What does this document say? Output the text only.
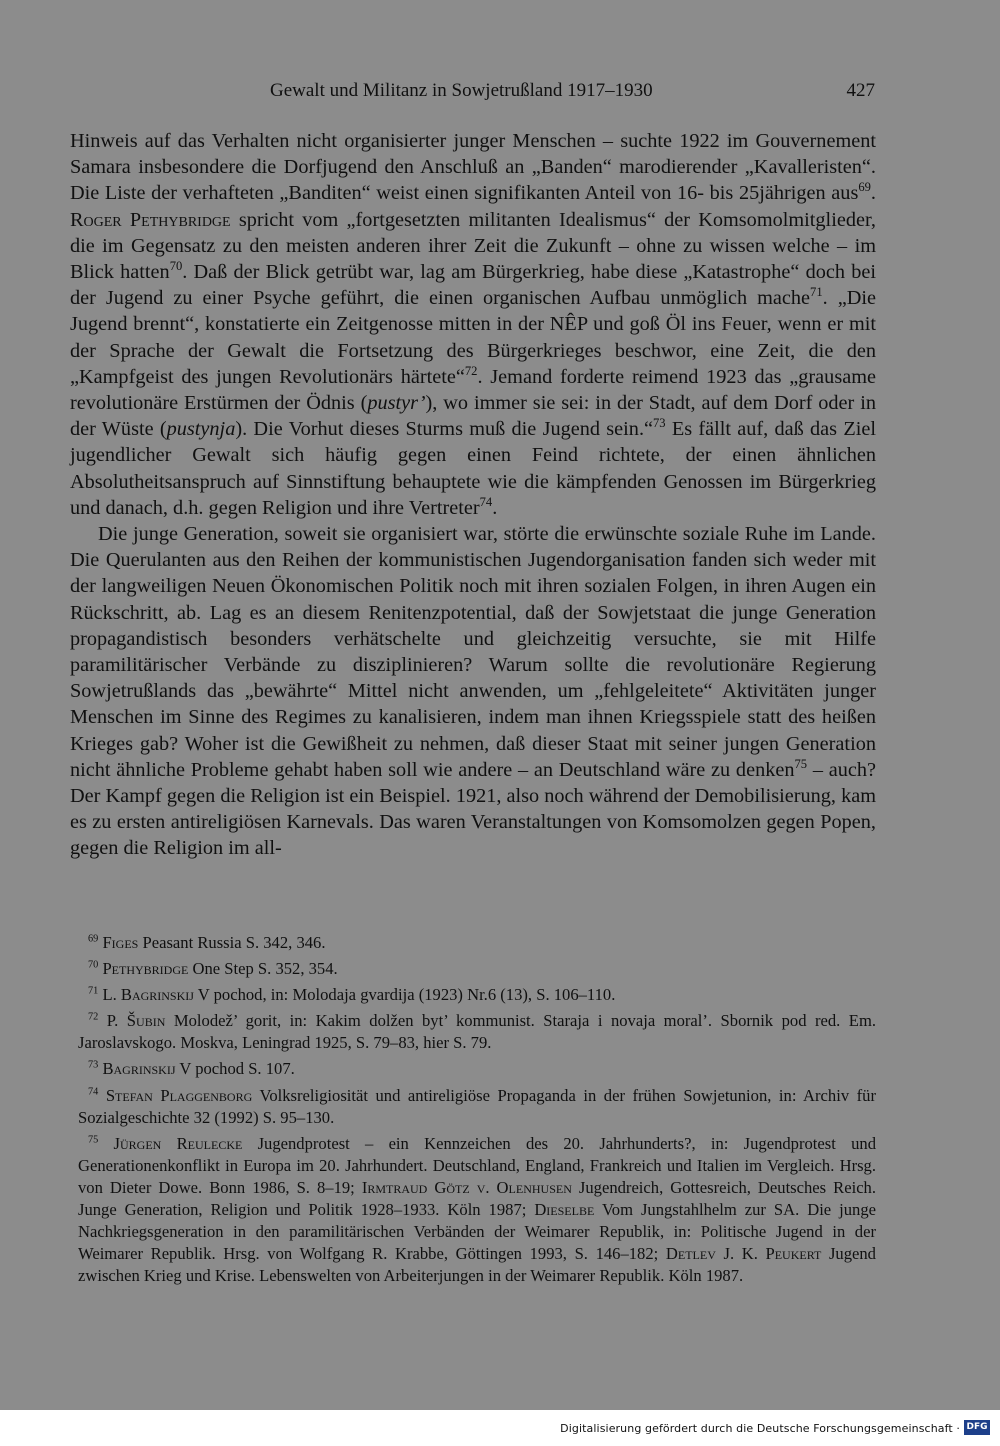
Gewalt und Militanz in Sowjetrußland 1917–1930	427

Hinweis auf das Verhalten nicht organisierter junger Menschen – suchte 1922 im Gouvernement Samara insbesondere die Dorfjugend den Anschluß an „Banden“ marodierender „Kavalleristen“. Die Liste der verhafteten „Banditen“ weist einen signifikanten Anteil von 16- bis 25jährigen aus$^{69}$. Roger Pethybridge spricht vom „fortgesetzten militanten Idealismus“ der Komsomolmitglieder, die im Gegensatz zu den meisten anderen ihrer Zeit die Zukunft – ohne zu wissen welche – im Blick hatten$^{70}$. Daß der Blick getrübt war, lag am Bürgerkrieg, habe diese „Katastrophe“ doch bei der Jugend zu einer Psyche geführt, die einen organischen Aufbau unmöglich mache$^{71}$. „Die Jugend brennt“, konstatierte ein Zeitgenosse mitten in der NÊP und goß Öl ins Feuer, wenn er mit der Sprache der Gewalt die Fortsetzung des Bürgerkrieges beschwor, eine Zeit, die den „Kampfgeist des jungen Revolutionärs härtete“$^{72}$. Jemand forderte reimend 1923 das „grausame revolutionäre Erstürmen der Ödnis (pustyr’), wo immer sie sei: in der Stadt, auf dem Dorf oder in der Wüste (pustynja). Die Vorhut dieses Sturms muß die Jugend sein.“$^{73}$ Es fällt auf, daß das Ziel jugendlicher Gewalt sich häufig gegen einen Feind richtete, der einen ähnlichen Absolutheitsanspruch auf Sinnstiftung behauptete wie die kämpfenden Genossen im Bürgerkrieg und danach, d.h. gegen Religion und ihre Vertreter$^{74}$.

Die junge Generation, soweit sie organisiert war, störte die erwünschte soziale Ruhe im Lande. Die Querulanten aus den Reihen der kommunistischen Jugendorganisation fanden sich weder mit der langweiligen Neuen Ökonomischen Politik noch mit ihren sozialen Folgen, in ihren Augen ein Rückschritt, ab. Lag es an diesem Renitenzpotential, daß der Sowjetstaat die junge Generation propagandistisch besonders verhätschelte und gleichzeitig versuchte, sie mit Hilfe paramilitärischer Verbände zu disziplinieren? Warum sollte die revolutionäre Regierung Sowjetrußlands das „bewährte“ Mittel nicht anwenden, um „fehlgeleitete“ Aktivitäten junger Menschen im Sinne des Regimes zu kanalisieren, indem man ihnen Kriegsspiele statt des heißen Krieges gab? Woher ist die Gewißheit zu nehmen, daß dieser Staat mit seiner jungen Generation nicht ähnliche Probleme gehabt haben soll wie andere – an Deutschland wäre zu denken$^{75}$ – auch? Der Kampf gegen die Religion ist ein Beispiel. 1921, also noch während der Demobilisierung, kam es zu ersten antireligiösen Karnevals. Das waren Veranstaltungen von Komsomolzen gegen Popen, gegen die Religion im all-

$^{69}$ Figes Peasant Russia S. 342, 346.

$^{70}$ Pethybridge One Step S. 352, 354.

$^{71}$ L. Bagrinskij V pochod, in: Molodaja gvardija (1923) Nr.6 (13), S. 106–110.

$^{72}$ P. Šubin Molodež’ gorit, in: Kakim dolžen byt’ kommunist. Staraja i novaja moral’. Sbornik pod red. Em. Jaroslavskogo. Moskva, Leningrad 1925, S. 79–83, hier S. 79.

$^{73}$ Bagrinskij V pochod S. 107.

$^{74}$ Stefan Plaggenborg Volksreligiosität und antireligiöse Propaganda in der frühen Sowjetunion, in: Archiv für Sozialgeschichte 32 (1992) S. 95–130.

$^{75}$ Jürgen Reulecke Jugendprotest – ein Kennzeichen des 20. Jahrhunderts?, in: Jugendprotest und Generationenkonflikt in Europa im 20. Jahrhundert. Deutschland, England, Frankreich und Italien im Vergleich. Hrsg. von Dieter Dowe. Bonn 1986, S. 8–19; Irmtraud Götz v. Olenhusen Jugendreich, Gottesreich, Deutsches Reich. Junge Generation, Religion und Politik 1928–1933. Köln 1987; Dieselbe Vom Jungstahlhelm zur SA. Die junge Nachkriegsgeneration in den paramilitärischen Verbänden der Weimarer Republik, in: Politische Jugend in der Weimarer Republik. Hrsg. von Wolfgang R. Krabbe, Göttingen 1993, S. 146–182; Detlev J. K. Peukert Jugend zwischen Krieg und Krise. Lebenswelten von Arbeiterjungen in der Weimarer Republik. Köln 1987.

Digitalisierung gefördert durch die Deutsche Forschungsgemeinschaft · DFG
